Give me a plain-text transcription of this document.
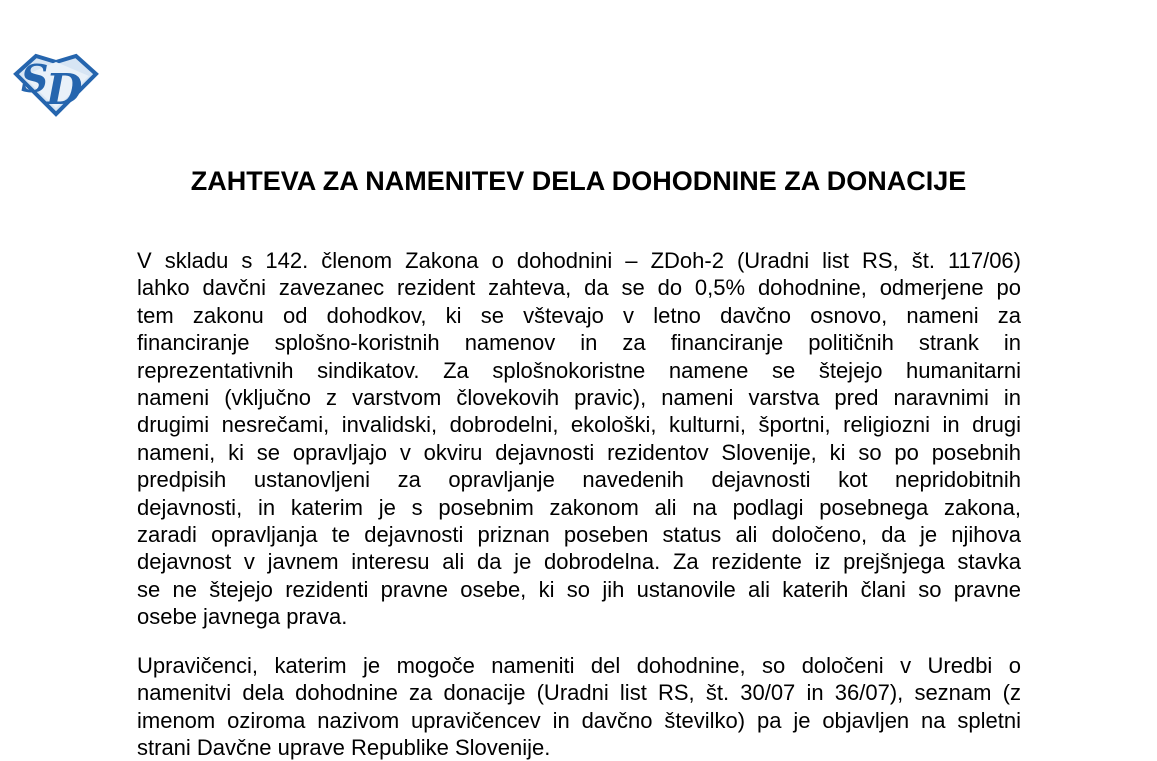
S
D
ZAHTEVA ZA NAMENITEV DELA DOHODNINE ZA DONACIJE
V skladu s 142. členom Zakona o dohodnini – ZDoh-2 (Uradni list RS, št. 117/06)
lahko davčni zavezanec rezident zahteva, da se do 0,5% dohodnine, odmerjene po
tem zakonu od dohodkov, ki se vštevajo v letno davčno osnovo, nameni za
financiranje splošno-koristnih namenov in za financiranje političnih strank in
reprezentativnih sindikatov. Za splošnokoristne namene se štejejo humanitarni
nameni (vključno z varstvom človekovih pravic), nameni varstva pred naravnimi in
drugimi nesrečami, invalidski, dobrodelni, ekološki, kulturni, športni, religiozni in drugi
nameni, ki se opravljajo v okviru dejavnosti rezidentov Slovenije, ki so po posebnih
predpisih ustanovljeni za opravljanje navedenih dejavnosti kot nepridobitnih
dejavnosti, in katerim je s posebnim zakonom ali na podlagi posebnega zakona,
zaradi opravljanja te dejavnosti priznan poseben status ali določeno, da je njihova
dejavnost v javnem interesu ali da je dobrodelna. Za rezidente iz prejšnjega stavka
se ne štejejo rezidenti pravne osebe, ki so jih ustanovile ali katerih člani so pravne
osebe javnega prava.
Upravičenci, katerim je mogoče nameniti del dohodnine, so določeni v Uredbi o
namenitvi dela dohodnine za donacije (Uradni list RS, št. 30/07 in 36/07), seznam (z
imenom oziroma nazivom upravičencev in davčno številko) pa je objavljen na spletni
strani Davčne uprave Republike Slovenije.
